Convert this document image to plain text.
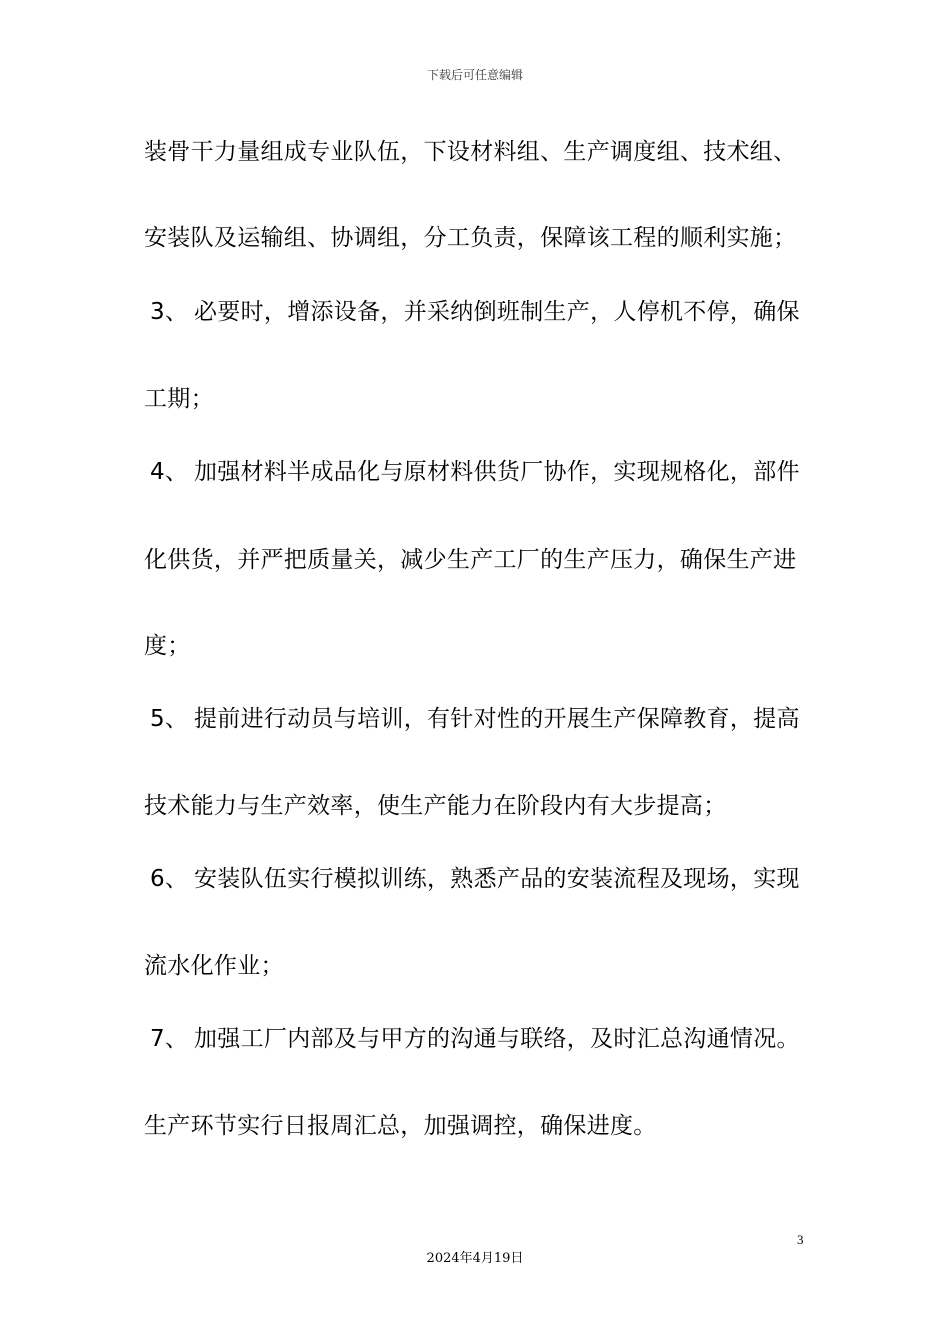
下载后可任意编辑
装骨干力量组成专业队伍，下设材料组、生产调度组、技术组、
安装队及运输组、协调组，分工负责，保障该工程的顺利实施；
3、 必要时，增添设备，并采纳倒班制生产，人停机不停，确保
工期；
4、 加强材料半成品化与原材料供货厂协作，实现规格化，部件
化供货，并严把质量关，减少生产工厂的生产压力，确保生产进
度；
5、 提前进行动员与培训，有针对性的开展生产保障教育，提高
技术能力与生产效率，使生产能力在阶段内有大步提高；
6、 安装队伍实行模拟训练，熟悉产品的安装流程及现场，实现
流水化作业；
7、 加强工厂内部及与甲方的沟通与联络，及时汇总沟通情况。
生产环节实行日报周汇总，加强调控，确保进度。
3
2024年4月19日
